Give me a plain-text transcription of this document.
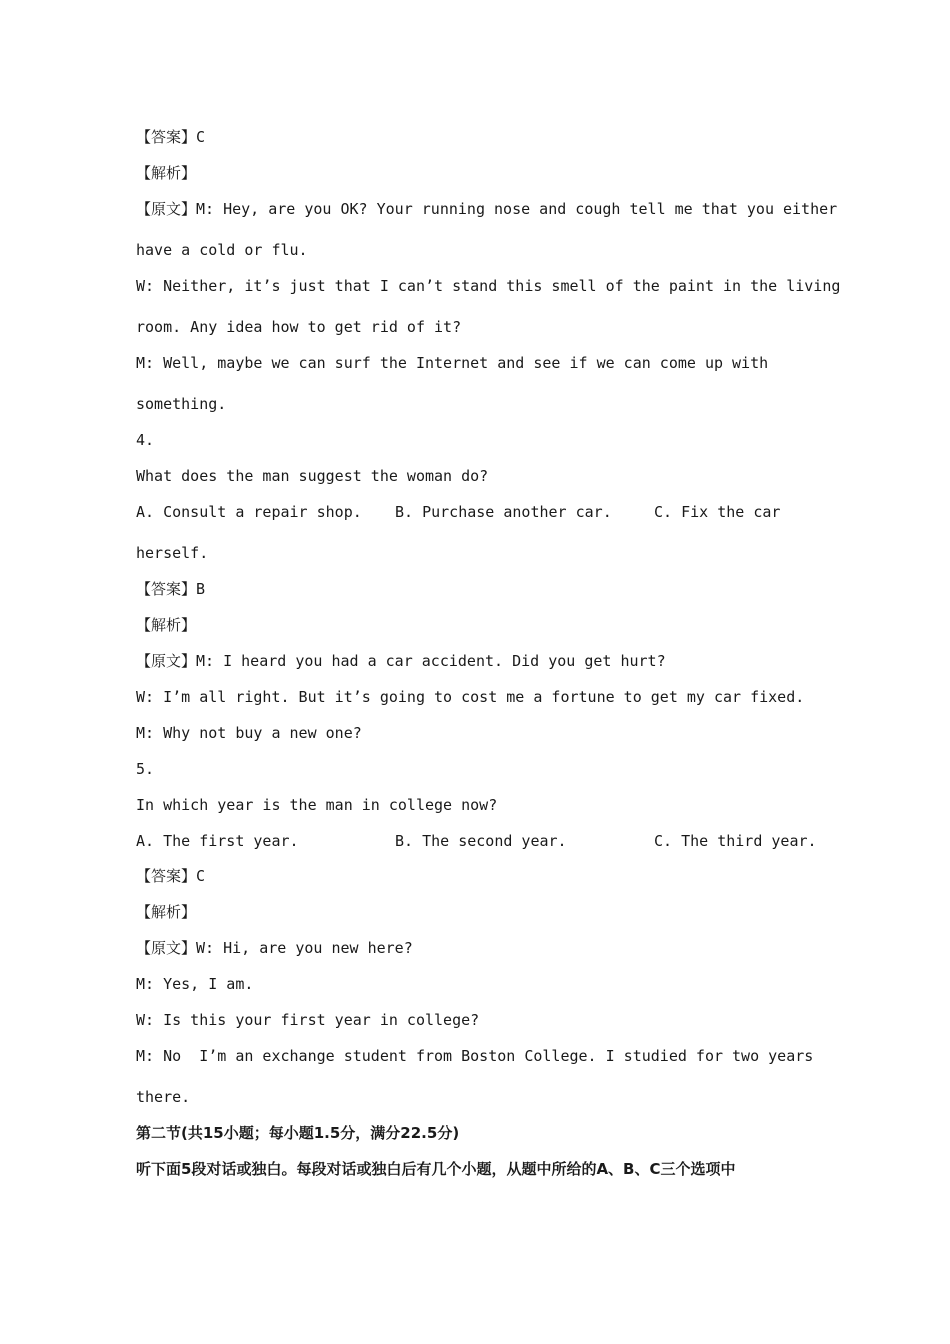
【答案】C

【解析】

【原文】M: Hey, are you OK? Your running nose and cough tell me that you either

have a cold or flu.

W: Neither, it’s just that I can’t stand this smell of the paint in the living

room. Any idea how to get rid of it?

M: Well, maybe we can surf the Internet and see if we can come up with

something.

4.

What does the man suggest the woman do?

A. Consult a repair shop. B. Purchase another car.	C. Fix the car

herself.

【答案】B

【解析】

【原文】M: I heard you had a car accident. Did you get hurt?

W: I’m all right. But it’s going to cost me a fortune to get my car fixed.

M: Why not buy a new one?

5.

In which year is the man in college now?

A. The first year.	B. The second year.	C. The third year.

【答案】C

【解析】

【原文】W: Hi, are you new here?

M: Yes, I am.

W: Is this your first year in college?

M: No  I’m an exchange student from Boston College. I studied for two years

there.

第二节(共15小题；每小题1.5分，满分22.5分)

听下面5段对话或独白。每段对话或独白后有几个小题，从题中所给的A、B、C三个选项中
